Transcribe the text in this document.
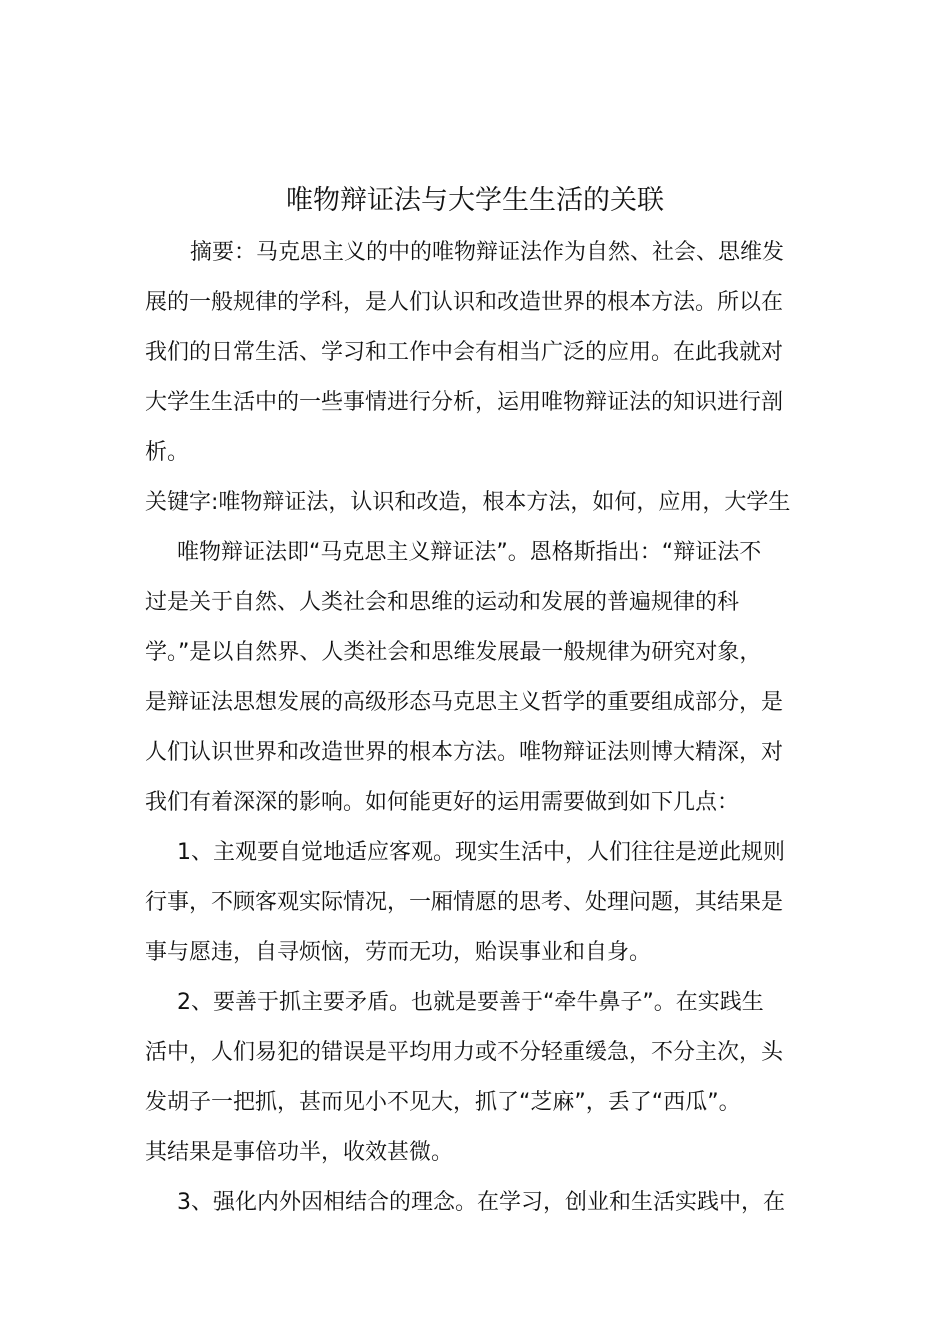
唯物辩证法与大学生生活的关联
摘要：马克思主义的中的唯物辩证法作为自然、社会、思维发
展的一般规律的学科，是人们认识和改造世界的根本方法。所以在
我们的日常生活、学习和工作中会有相当广泛的应用。在此我就对
大学生生活中的一些事情进行分析，运用唯物辩证法的知识进行剖
析。
关键字:唯物辩证法，认识和改造，根本方法，如何，应用，大学生
唯物辩证法即“马克思主义辩证法”。恩格斯指出：“辩证法不
过是关于自然、人类社会和思维的运动和发展的普遍规律的科
学。”是以自然界、人类社会和思维发展最一般规律为研究对象，
是辩证法思想发展的高级形态马克思主义哲学的重要组成部分，是
人们认识世界和改造世界的根本方法。唯物辩证法则博大精深，对
我们有着深深的影响。如何能更好的运用需要做到如下几点：
1、主观要自觉地适应客观。现实生活中，人们往往是逆此规则
行事，不顾客观实际情况，一厢情愿的思考、处理问题，其结果是
事与愿违，自寻烦恼，劳而无功，贻误事业和自身。
2、要善于抓主要矛盾。也就是要善于“牵牛鼻子”。在实践生
活中，人们易犯的错误是平均用力或不分轻重缓急，不分主次，头
发胡子一把抓，甚而见小不见大，抓了“芝麻”，丢了“西瓜”。
其结果是事倍功半，收效甚微。
3、强化内外因相结合的理念。在学习，创业和生活实践中，在
